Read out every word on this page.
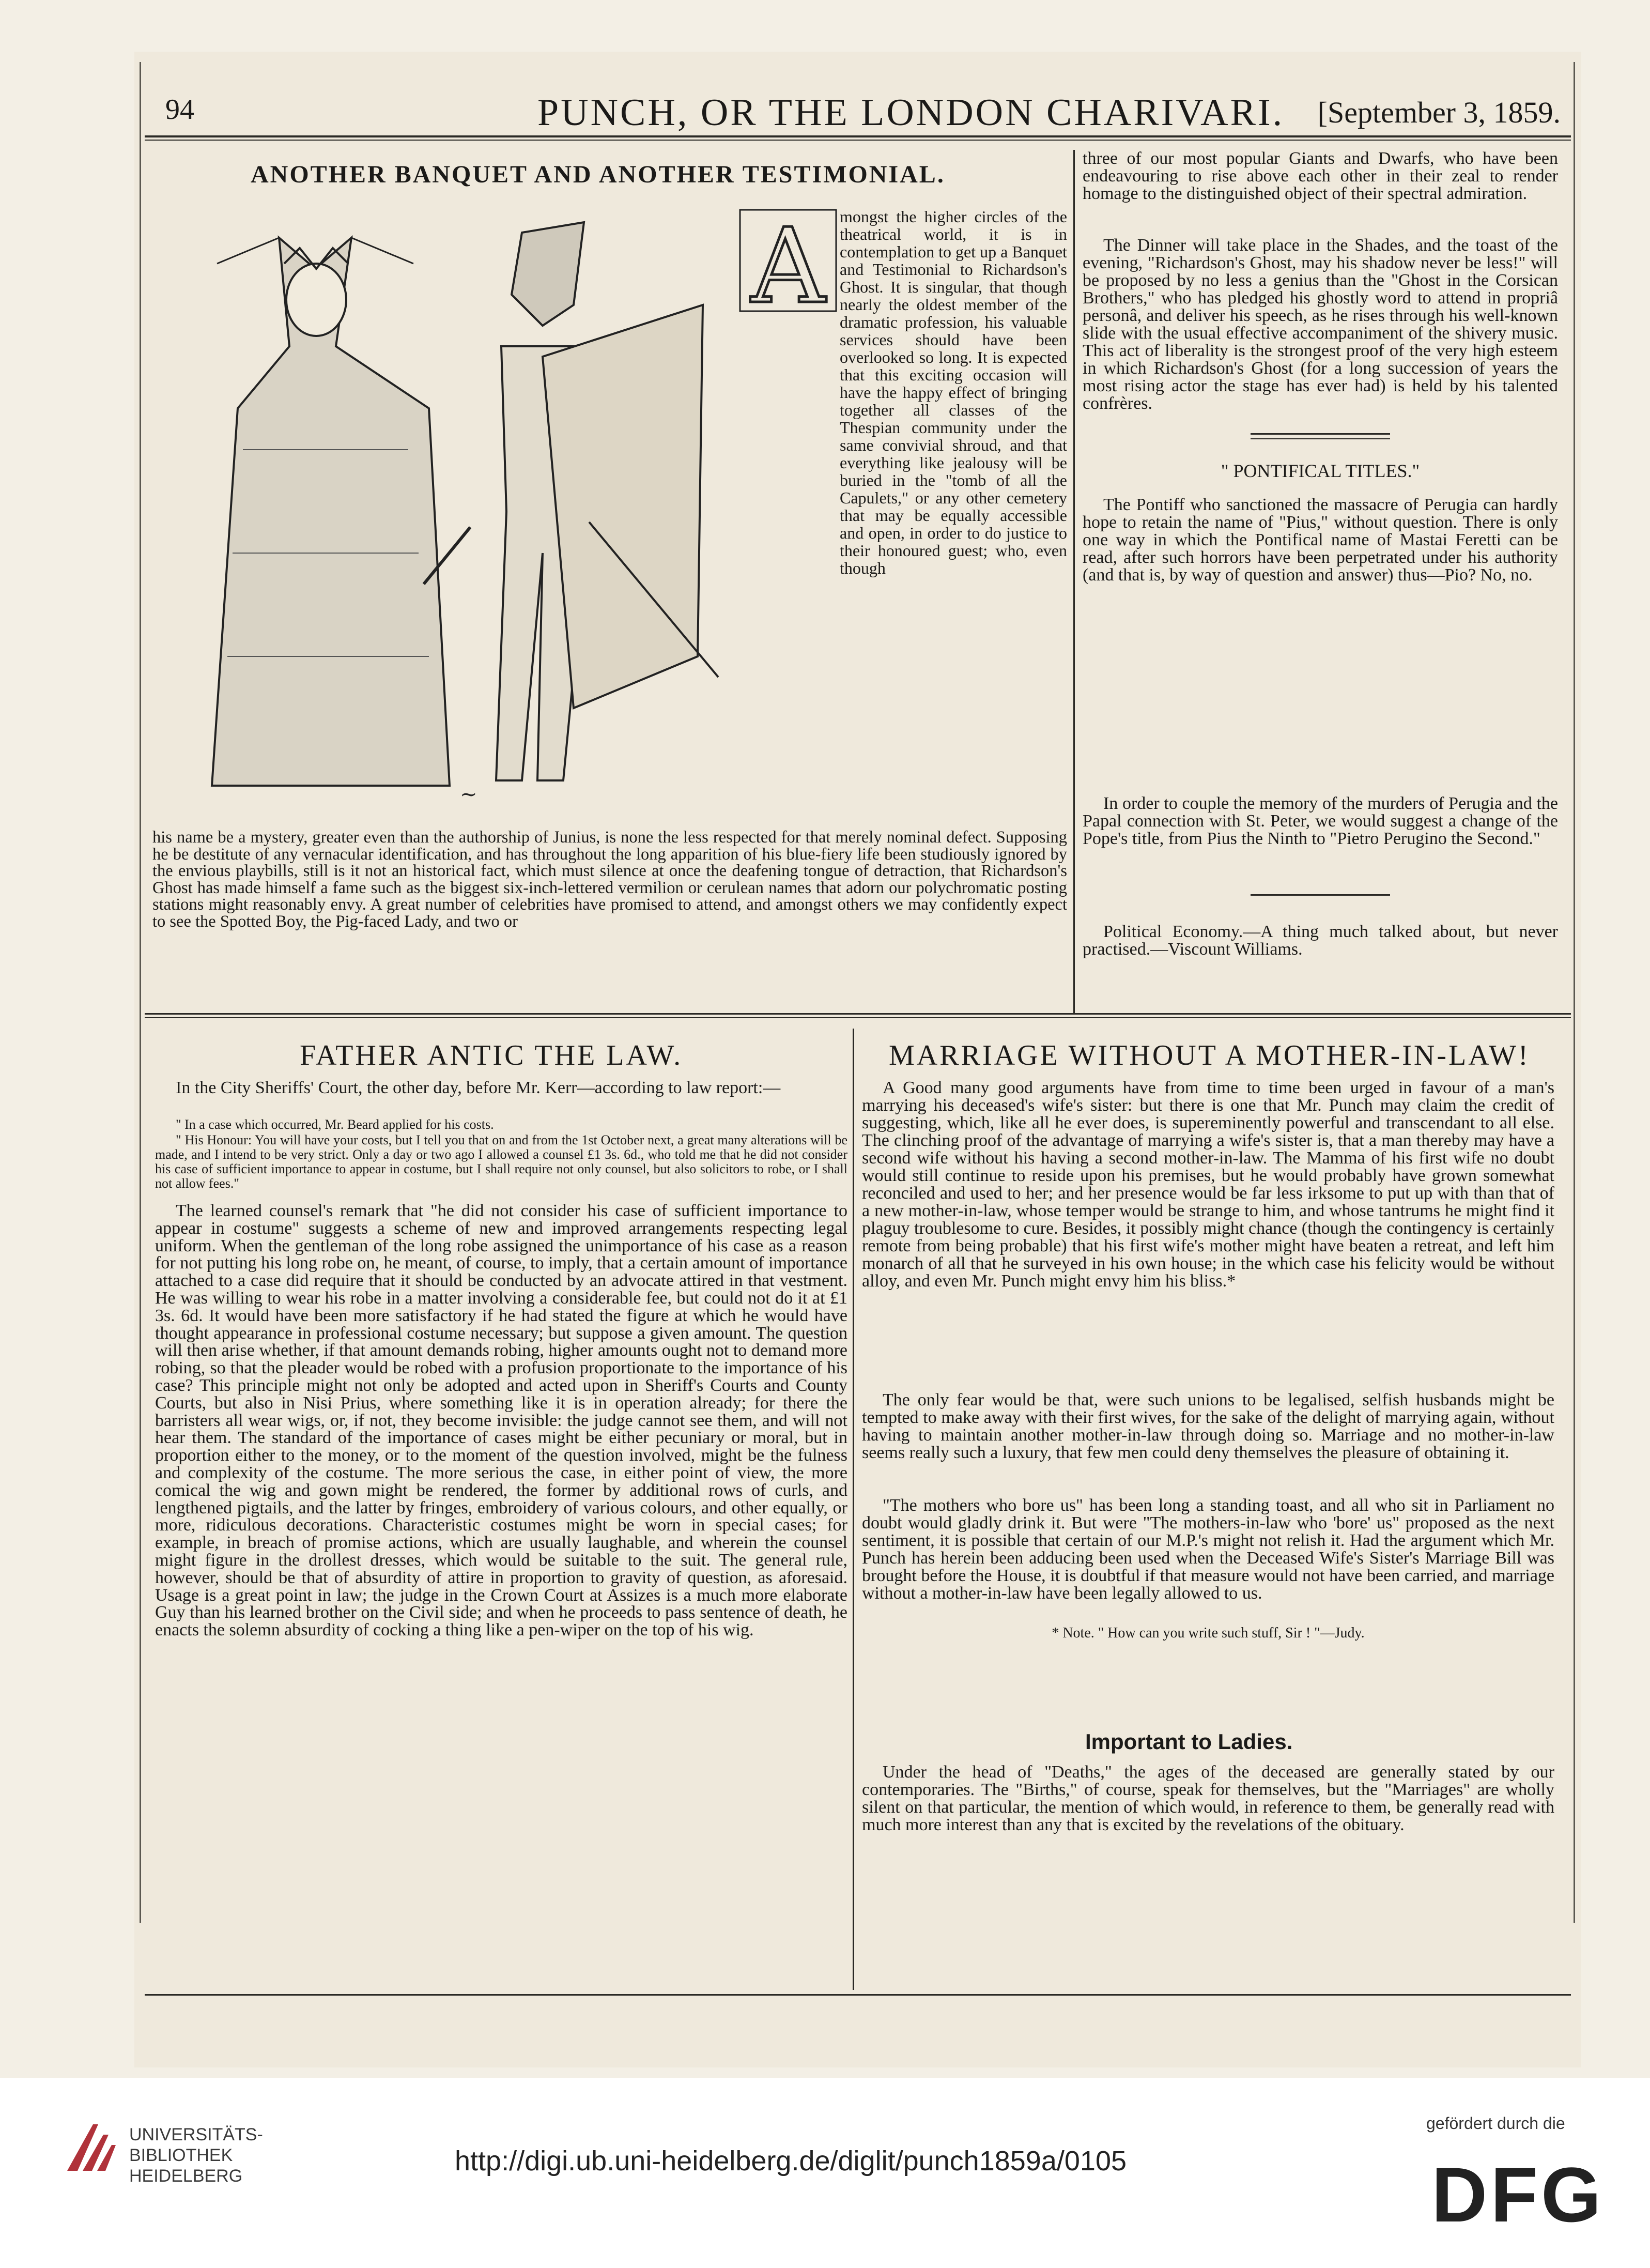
94	PUNCH, OR THE LONDON CHARIVARI. [September 3, 1859.
ANOTHER BANQUET AND ANOTHER TESTIMONIAL.
~
A mongst the higher circles of the theatrical world, it is in contemplation to get up a Banquet and Testimonial to Richardson's Ghost. It is singular, that though nearly the oldest member of the dramatic profession, his valuable services should have been overlooked so long. It is expected that this exciting occasion will have the happy effect of bringing together all classes of the Thespian community under the same convivial shroud, and that everything like jealousy will be buried in the "tomb of all the Capulets," or any other cemetery that may be equally accessible and open, in order to do justice to their honoured guest; who, even though
his name be a mystery, greater even than the authorship of Junius, is none the less respected for that merely nominal defect. Supposing he be destitute of any vernacular identification, and has throughout the long apparition of his blue-fiery life been studiously ignored by the envious playbills, still is it not an historical fact, which must silence at once the deafening tongue of detraction, that Richardson's Ghost has made himself a fame such as the biggest six-inch-lettered vermilion or cerulean names that adorn our polychromatic posting stations might reasonably envy. A great number of celebrities have promised to attend, and amongst others we may confidently expect to see the Spotted Boy, the Pig-faced Lady, and two or
three of our most popular Giants and Dwarfs, who have been endeavouring to rise above each other in their zeal to render homage to the distinguished object of their spectral admiration.
The Dinner will take place in the Shades, and the toast of the evening, "Richardson's Ghost, may his shadow never be less!" will be proposed by no less a genius than the "Ghost in the Corsican Brothers," who has pledged his ghostly word to attend in propriâ personâ, and deliver his speech, as he rises through his well-known slide with the usual effective accompaniment of the shivery music. This act of liberality is the strongest proof of the very high esteem in which Richardson's Ghost (for a long succession of years the most rising actor the stage has ever had) is held by his talented confrères.
" PONTIFICAL TITLES."
The Pontiff who sanctioned the massacre of Perugia can hardly hope to retain the name of "Pius," without question. There is only one way in which the Pontifical name of Mastai Feretti can be read, after such horrors have been perpetrated under his authority (and that is, by way of question and answer) thus—Pio? No, no.
In order to couple the memory of the murders of Perugia and the Papal connection with St. Peter, we would suggest a change of the Pope's title, from Pius the Ninth to "Pietro Perugino the Second."
Political Economy.—A thing much talked about, but never practised.—Viscount Williams.
FATHER ANTIC THE LAW.
In the City Sheriffs' Court, the other day, before Mr. Kerr—according to law report:—
" In a case which occurred, Mr. Beard applied for his costs.
" His Honour: You will have your costs, but I tell you that on and from the 1st October next, a great many alterations will be made, and I intend to be very strict. Only a day or two ago I allowed a counsel £1 3s. 6d., who told me that he did not consider his case of sufficient importance to appear in costume, but I shall require not only counsel, but also solicitors to robe, or I shall not allow fees."
The learned counsel's remark that "he did not consider his case of sufficient importance to appear in costume" suggests a scheme of new and improved arrangements respecting legal uniform. When the gentleman of the long robe assigned the unimportance of his case as a reason for not putting his long robe on, he meant, of course, to imply, that a certain amount of importance attached to a case did require that it should be conducted by an advocate attired in that vestment. He was willing to wear his robe in a matter involving a considerable fee, but could not do it at £1 3s. 6d. It would have been more satisfactory if he had stated the figure at which he would have thought appearance in professional costume necessary; but suppose a given amount. The question will then arise whether, if that amount demands robing, higher amounts ought not to demand more robing, so that the pleader would be robed with a profusion proportionate to the importance of his case? This principle might not only be adopted and acted upon in Sheriff's Courts and County Courts, but also in Nisi Prius, where something like it is in operation already; for there the barristers all wear wigs, or, if not, they become invisible: the judge cannot see them, and will not hear them. The standard of the importance of cases might be either pecuniary or moral, but in proportion either to the money, or to the moment of the question involved, might be the fulness and complexity of the costume. The more serious the case, in either point of view, the more comical the wig and gown might be rendered, the former by additional rows of curls, and lengthened pigtails, and the latter by fringes, embroidery of various colours, and other equally, or more, ridiculous decorations. Characteristic costumes might be worn in special cases; for example, in breach of promise actions, which are usually laughable, and wherein the counsel might figure in the drollest dresses, which would be suitable to the suit. The general rule, however, should be that of absurdity of attire in proportion to gravity of question, as aforesaid. Usage is a great point in law; the judge in the Crown Court at Assizes is a much more elaborate Guy than his learned brother on the Civil side; and when he proceeds to pass sentence of death, he enacts the solemn absurdity of cocking a thing like a pen-wiper on the top of his wig.
MARRIAGE WITHOUT A MOTHER-IN-LAW!
A Good many good arguments have from time to time been urged in favour of a man's marrying his deceased's wife's sister: but there is one that Mr. Punch may claim the credit of suggesting, which, like all he ever does, is supereminently powerful and transcendant to all else. The clinching proof of the advantage of marrying a wife's sister is, that a man thereby may have a second wife without his having a second mother-in-law. The Mamma of his first wife no doubt would still continue to reside upon his premises, but he would probably have grown somewhat reconciled and used to her; and her presence would be far less irksome to put up with than that of a new mother-in-law, whose temper would be strange to him, and whose tantrums he might find it plaguy troublesome to cure. Besides, it possibly might chance (though the contingency is certainly remote from being probable) that his first wife's mother might have beaten a retreat, and left him monarch of all that he surveyed in his own house; in the which case his felicity would be without alloy, and even Mr. Punch might envy him his bliss.*
The only fear would be that, were such unions to be legalised, selfish husbands might be tempted to make away with their first wives, for the sake of the delight of marrying again, without having to maintain another mother-in-law through doing so. Marriage and no mother-in-law seems really such a luxury, that few men could deny themselves the pleasure of obtaining it.
"The mothers who bore us" has been long a standing toast, and all who sit in Parliament no doubt would gladly drink it. But were "The mothers-in-law who 'bore' us" proposed as the next sentiment, it is possible that certain of our M.P.'s might not relish it. Had the argument which Mr. Punch has herein been adducing been used when the Deceased Wife's Sister's Marriage Bill was brought before the House, it is doubtful if that measure would not have been carried, and marriage without a mother-in-law have been legally allowed to us.
* Note. " How can you write such stuff, Sir ! "—Judy.
Important to Ladies.
Under the head of "Deaths," the ages of the deceased are generally stated by our contemporaries. The "Births," of course, speak for themselves, but the "Marriages" are wholly silent on that particular, the mention of which would, in reference to them, be generally read with much more interest than any that is excited by the revelations of the obituary.
UNIVERSITÄTS-
BIBLIOTHEK
HEIDELBERG	http://digi.ub.uni-heidelberg.de/diglit/punch1859a/0105
gefördert durch die
DFG
